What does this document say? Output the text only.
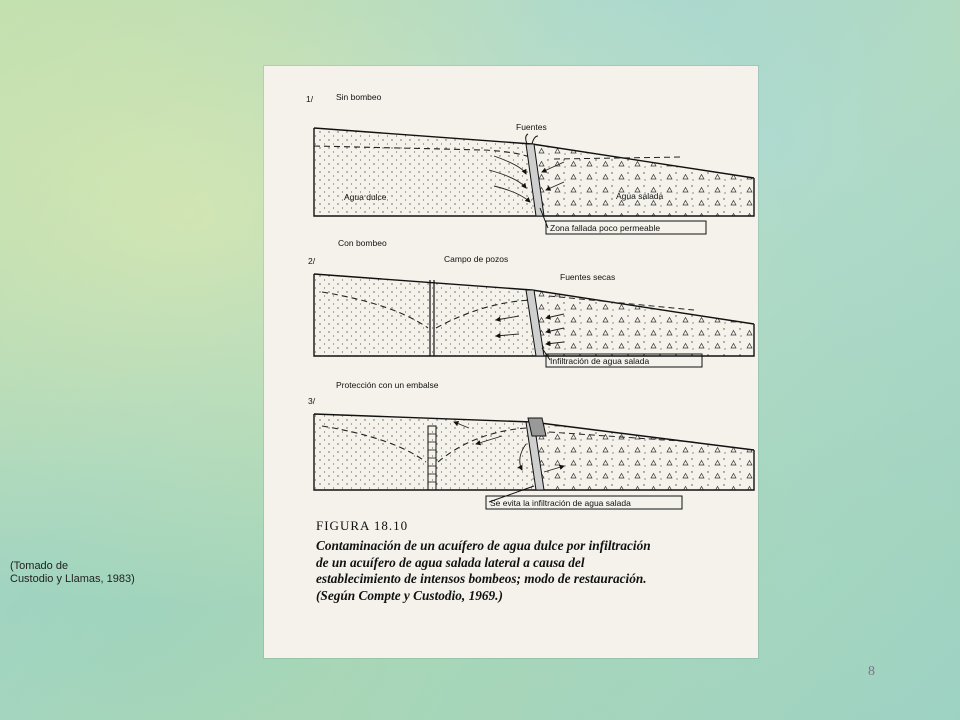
1/	Sin bombeo
Fuentes
Agua dulce	Agua salada
Zona fallada poco permeable
Con bombeo
2/	Campo de pozos
Fuentes secas
Infiltración de agua salada
Protección con un embalse
3/
Se evita la infiltración de agua salada
FIGURA 18.10
Contaminación de un acuífero de agua dulce por infiltración
de un acuífero de agua salada lateral a causa del
establecimiento de intensos bombeos; modo de restauración.
(Según Compte y Custodio, 1969.)
(Tomado de
Custodio y Llamas, 1983)
8
